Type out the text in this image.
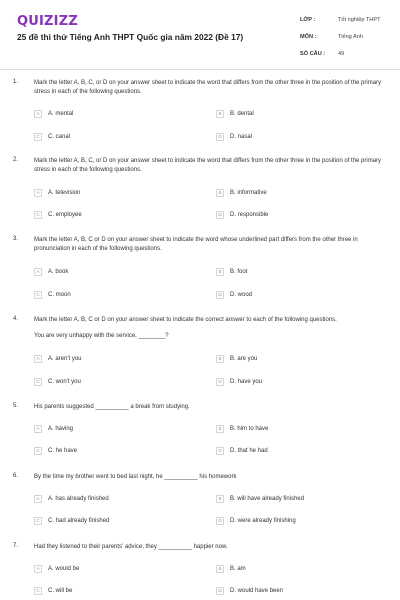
QUIZIZZ
25 đề thi thử Tiếng Anh THPT Quốc gia năm 2022 (Đề 17)
LỚP :	Tốt nghiệp THPT
MÔN :	Tiếng Anh
SỐ CÂU :	49
1.	Mark the letter A, B, C, or D on your answer sheet to indicate the word that differs from the other three in the position of the primary stress in each of the following questions.
A	A. mental	B	B. dental
C	C. canal	D	D. nasal
2.	Mark the letter A, B, C, or D on your answer sheet to indicate the word that differs from the other three in the position of the primary stress in each of the following questions.
A	A. television	B	B. informative
C	C. employee	D	D. responsible
3.	Mark the letter A, B, C or D on your answer sheet to indicate the word whose underlined part differs from the other three in pronunciation in each of the following questions.
A	A. book	B	B. foot
C	C. moon	D	D. wood
4.	Mark the letter A, B, C or D on your answer sheet to indicate the correct answer to each of the following questions.
You are very unhappy with the service, ________?
A	A. aren't you	B	B. are you
C	C. won't you	D	D. have you
5.	His parents suggested __________ a break from studying.
A	A. having	B	B. him to have
C	C. he have	D	D. that he had
6.	By the time my brother went to bed last night, he __________ his homework
A	A. has already finished	B	B. will have already finished
C	C. had already finished	D	D. were already finishing
7.	Had they listened to their parents' advice, they __________ happier now.
A	A. would be	B	B. am
C	C. will be	D	D. would have been
